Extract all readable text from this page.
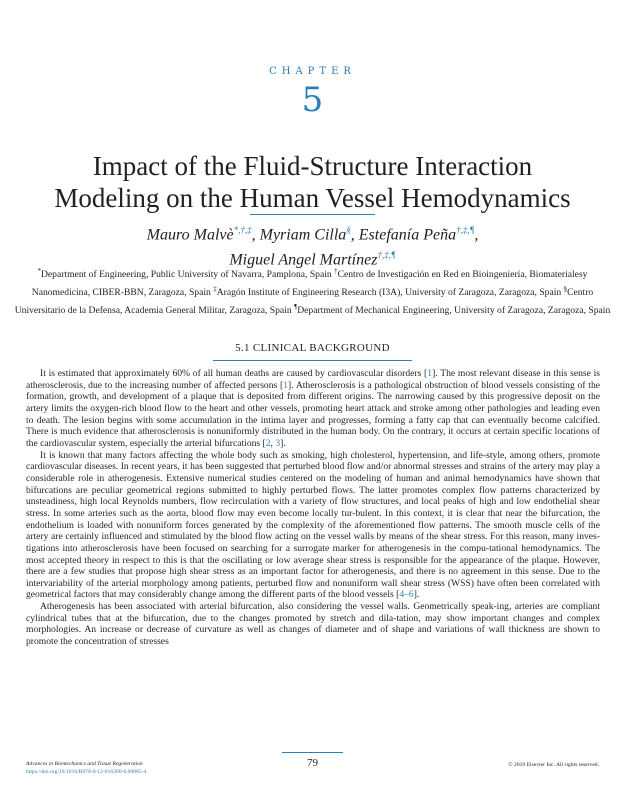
CHAPTER
5
Impact of the Fluid-Structure Interaction
Modeling on the Human Vessel Hemodynamics
Mauro Malvè*,†,‡, Myriam Cilla§, Estefanía Peña†,‡,¶,
Miguel Angel Martínez†,‡,¶
*Department of Engineering, Public University of Navarra, Pamplona, Spain †Centro de Investigación en Red en Bioingeniería, Biomaterialesy Nanomedicina, CIBER-BBN, Zaragoza, Spain ‡Aragón Institute of Engineering Research (I3A), University of Zaragoza, Zaragoza, Spain §Centro Universitario de la Defensa, Academia General Militar, Zaragoza, Spain ¶Department of Mechanical Engineering, University of Zaragoza, Zaragoza, Spain
5.1 CLINICAL BACKGROUND

It is estimated that approximately 60% of all human deaths are caused by cardiovascular disorders [1]. The most relevant disease in this sense is atherosclerosis, due to the increasing number of affected persons [1]. Atherosclerosis is a pathological obstruction of blood vessels consisting of the formation, growth, and development of a plaque that is deposited from different origins. The narrowing caused by this progressive deposit on the artery limits the oxygen-rich blood flow to the heart and other vessels, promoting heart attack and stroke among other pathologies and leading even to death. The lesion begins with some accumulation in the intima layer and progresses, forming a fatty cap that can eventually become calcified. There is much evidence that atherosclerosis is nonuniformly distributed in the human body. On the contrary, it occurs at certain specific locations of the cardiovascular system, especially the arterial bifurcations [2, 3].

It is known that many factors affecting the whole body such as smoking, high cholesterol, hypertension, and life-style, among others, promote cardiovascular diseases. In recent years, it has been suggested that perturbed blood flow and/or abnormal stresses and strains of the artery may play a considerable role in atherogenesis. Extensive numerical studies centered on the modeling of human and animal hemodynamics have shown that bifurcations are peculiar geometrical regions submitted to highly perturbed flows. The latter promotes complex flow patterns characterized by unsteadiness, high local Reynolds numbers, flow recirculation with a variety of flow structures, and local peaks of high and low endothelial shear stress. In some arteries such as the aorta, blood flow may even become locally tur-bulent. In this context, it is clear that near the bifurcation, the endothelium is loaded with nonuniform forces generated by the complexity of the aforementioned flow patterns. The smooth muscle cells of the artery are certainly influenced and stimulated by the blood flow acting on the vessel walls by means of the shear stress. For this reason, many inves-tigations into atherosclerosis have been focused on searching for a surrogate marker for atherogenesis in the compu-tational hemodynamics. The most accepted theory in respect to this is that the oscillating or low average shear stress is responsible for the appearance of the plaque. However, there are a few studies that propose high shear stress as an important factor for atherogenesis, and there is no agreement in this sense. Due to the intervariability of the arterial morphology among patients, perturbed flow and nonuniform wall shear stress (WSS) have often been correlated with geometrical factors that may considerably change among the different parts of the blood vessels [4–6].

Atherogenesis has been associated with arterial bifurcation, also considering the vessel walls. Geometrically speak-ing, arteries are compliant cylindrical tubes that at the bifurcation, due to the changes promoted by stretch and dila-tation, may show important changes and complex morphologies. An increase or decrease of curvature as well as changes of diameter and of shape and variations of wall thickness are shown to promote the concentration of stresses

Advances in Biomechanics and Tissue Regeneration
https://doi.org/10.1016/B978-0-12-816390-0.00005-4
79	© 2019 Elsevier Inc. All rights reserved.
